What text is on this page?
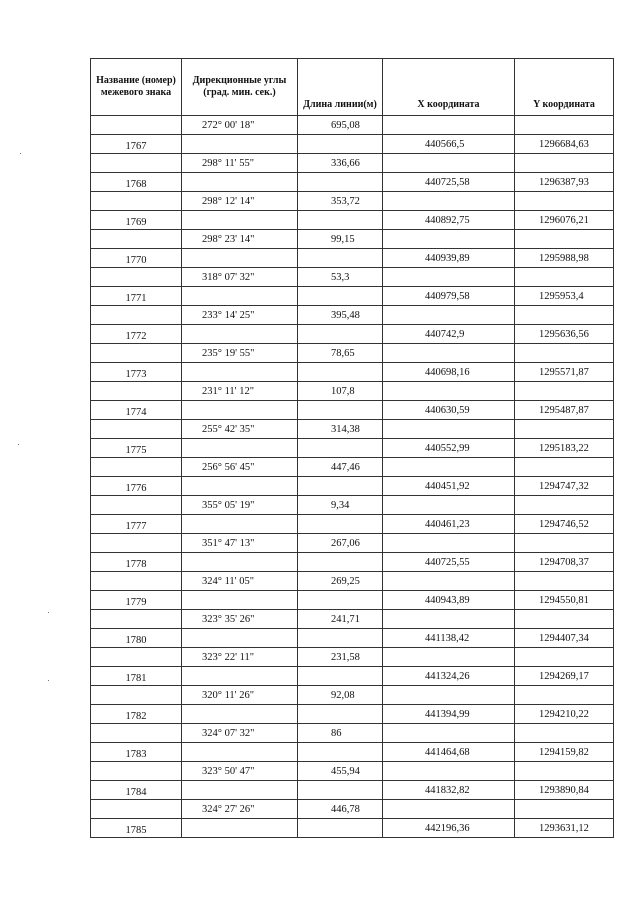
Название (номер) межевого знака	Дирекционные углы (град. мин. сек.)	Длина линии(м)	X координата	Y координата
	272° 00' 18"	695,08		

1767			440566,5	1296684,63
	298° 11' 55"	336,66		

1768			440725,58	1296387,93
	298° 12' 14"	353,72		

1769			440892,75	1296076,21
	298° 23' 14"	99,15		

1770			440939,89	1295988,98
	318° 07' 32"	53,3		

1771			440979,58	1295953,4
	233° 14' 25"	395,48		

1772			440742,9	1295636,56
	235° 19' 55"	78,65		

1773			440698,16	1295571,87
	231° 11' 12"	107,8		

1774			440630,59	1295487,87
	255° 42' 35"	314,38		

1775			440552,99	1295183,22
	256° 56' 45"	447,46		

1776			440451,92	1294747,32
	355° 05' 19"	9,34		

1777			440461,23	1294746,52
	351° 47' 13"	267,06		

1778			440725,55	1294708,37
	324° 11' 05"	269,25		

1779			440943,89	1294550,81
	323° 35' 26"	241,71		

1780			441138,42	1294407,34
	323° 22' 11"	231,58		

1781			441324,26	1294269,17
	320° 11' 26"	92,08		

1782			441394,99	1294210,22
	324° 07' 32"	86		

1783			441464,68	1294159,82
	323° 50' 47"	455,94		

1784			441832,82	1293890,84
	324° 27' 26"	446,78		

1785			442196,36	1293631,12
